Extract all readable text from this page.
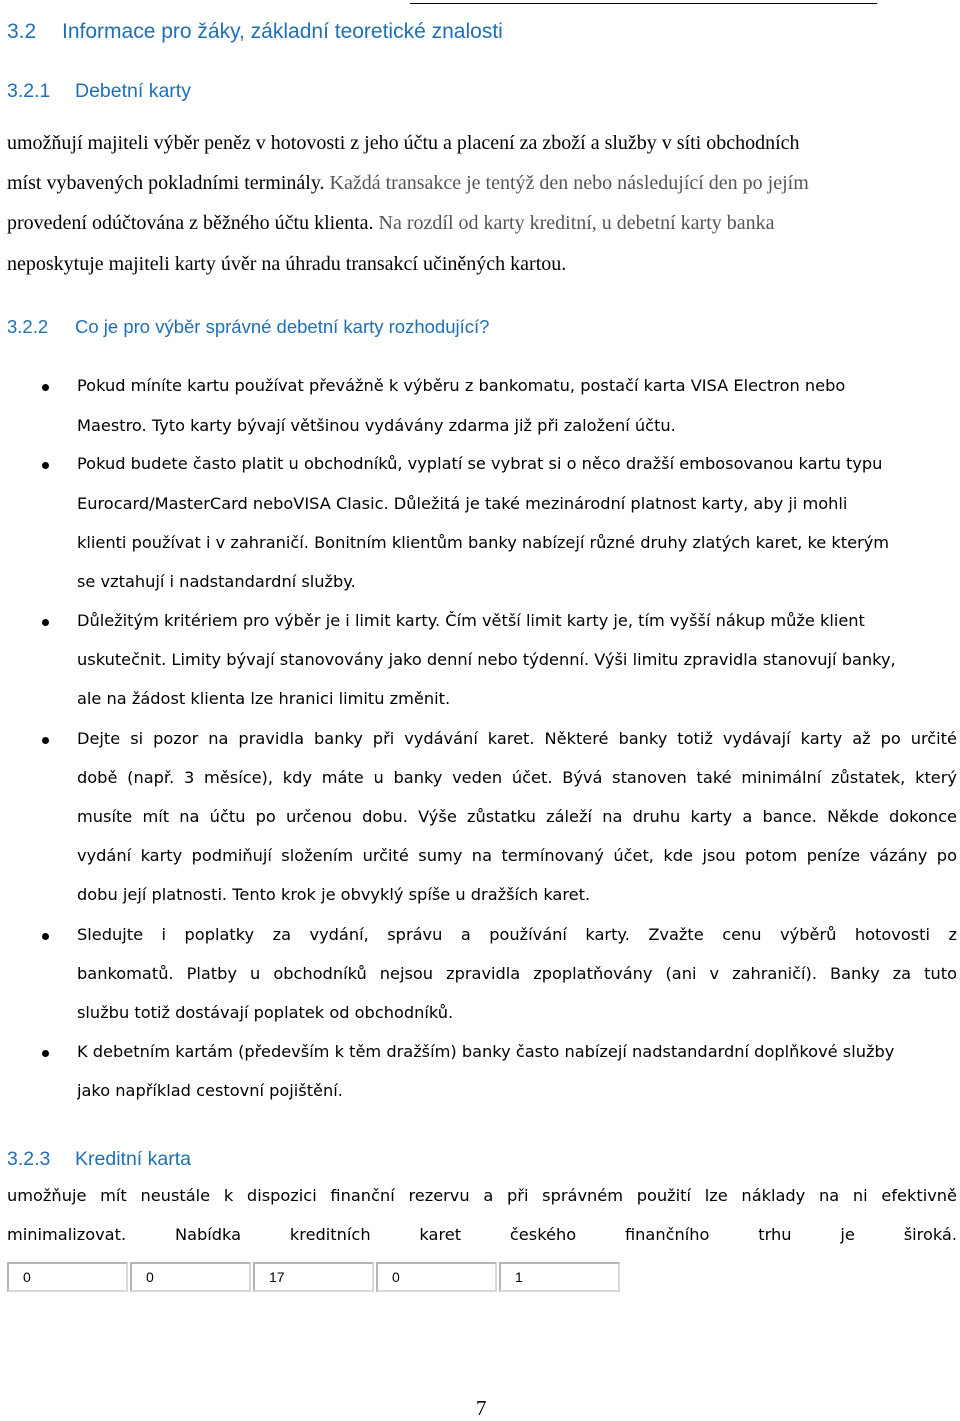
3.2 Informace pro žáky, základní teoretické znalosti
3.2.1 Debetní karty
umožňují majiteli výběr peněz v hotovosti z jeho účtu a placení za zboží a služby v síti obchodních
míst vybavených pokladními terminály. Každá transakce je tentýž den nebo následující den po jejím
provedení odúčtována z běžného účtu klienta. Na rozdíl od karty kreditní, u debetní karty banka
neposkytuje majiteli karty úvěr na úhradu transakcí učiněných kartou.
3.2.2 Co je pro výběr správné debetní karty rozhodující?
Pokud míníte kartu používat převážně k výběru z bankomatu, postačí karta VISA Electron nebo
Maestro. Tyto karty bývají většinou vydávány zdarma již při založení účtu.
Pokud budete často platit u obchodníků, vyplatí se vybrat si o něco dražší embosovanou kartu typu
Eurocard/MasterCard neboVISA Clasic. Důležitá je také mezinárodní platnost karty, aby ji mohli
klienti používat i v zahraničí. Bonitním klientům banky nabízejí různé druhy zlatých karet, ke kterým
se vztahují i nadstandardní služby.
Důležitým kritériem pro výběr je i limit karty. Čím větší limit karty je, tím vyšší nákup může klient
uskutečnit. Limity bývají stanovovány jako denní nebo týdenní. Výši limitu zpravidla stanovují banky,
ale na žádost klienta lze hranici limitu změnit.
Dejte si pozor na pravidla banky při vydávání karet. Některé banky totiž vydávají karty až po určité
době (např. 3 měsíce), kdy máte u banky veden účet. Bývá stanoven také minimální zůstatek, který
musíte mít na účtu po určenou dobu. Výše zůstatku záleží na druhu karty a bance. Někde dokonce
vydání karty podmiňují složením určité sumy na termínovaný účet, kde jsou potom peníze vázány po
dobu její platnosti. Tento krok je obvyklý spíše u dražších karet.
Sledujte i poplatky za vydání, správu a používání karty. Zvažte cenu výběrů hotovosti z
bankomatů. Platby u obchodníků nejsou zpravidla zpoplatňovány (ani v zahraničí). Banky za tuto
službu totiž dostávají poplatek od obchodníků.
K debetním kartám (především k těm dražším) banky často nabízejí nadstandardní doplňkové služby
jako například cestovní pojištění.
3.2.3 Kreditní karta
umožňuje mít neustále k dispozici finanční rezervu a při správném použití lze náklady na ni efektivně
minimalizovat. Nabídka kreditních karet českého finančního trhu je široká.
0	0	17	0	1
7
